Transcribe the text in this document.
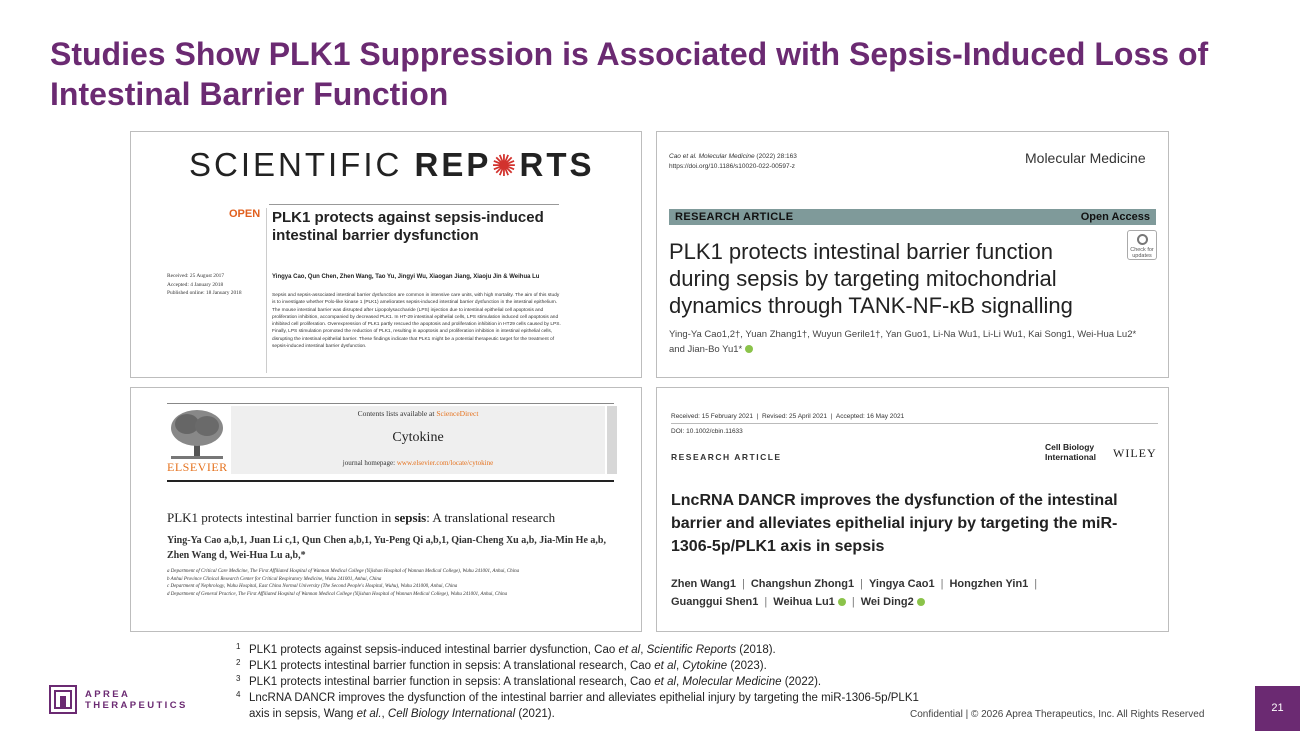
Studies Show PLK1 Suppression is Associated with Sepsis-Induced Loss of Intestinal Barrier Function
SCIENTIFIC REP✺RTS
OPEN PLK1 protects against sepsis-induced intestinal barrier dysfunction
Yingya Cao, Qun Chen, Zhen Wang, Tao Yu, Jingyi Wu, Xiaogan Jiang, Xiaoju Jin & Weihua Lu
Received: 25 August 2017
Accepted: 4 January 2018
Published online: 18 January 2018	Sepsis and sepsis-associated intestinal barrier dysfunction are common in intensive care units, with high mortality. The aim of this study is to investigate whether Polo-like kinase 1 (PLK1) ameliorates sepsis-induced intestinal barrier dysfunction in the intestinal epithelium. The mouse intestinal barrier was disrupted after Lipopolysaccharide (LPS) injection due to intestinal epithelial cell apoptosis and proliferation inhibition, accompanied by decreased PLK1. In HT-29 intestinal epithelial cells, LPS stimulation induced cell apoptosis and inhibited cell proliferation. Overexpression of PLK1 partly rescued the apoptosis and proliferation inhibition in HT29 cells caused by LPS. Finally, LPS stimulation promoted the reduction of PLK1, resulting in apoptosis and proliferation inhibition in intestinal epithelial cells, disrupting the intestinal epithelial barrier. These findings indicate that PLK1 might be a potential therapeutic target for the treatment of sepsis-induced intestinal barrier dysfunction.
Cao et al. Molecular Medicine (2022) 28:163
https://doi.org/10.1186/s10020-022-00597-z
Molecular Medicine
RESEARCH ARTICLE	Open Access
PLK1 protects intestinal barrier function during sepsis by targeting mitochondrial dynamics through TANK-NF-κB signalling
Check for
updates
Ying-Ya Cao1,2†, Yuan Zhang1†, Wuyun Gerile1†, Yan Guo1, Li-Na Wu1, Li-Li Wu1, Kai Song1, Wei-Hua Lu2* and Jian-Bo Yu1*
ELSEVIER
Contents lists available at ScienceDirect
Cytokine
journal homepage: www.elsevier.com/locate/cytokine
PLK1 protects intestinal barrier function in sepsis: A translational research
Ying-Ya Cao a,b,1, Juan Li c,1, Qun Chen a,b,1, Yu-Peng Qi a,b,1, Qian-Cheng Xu a,b, Jia-Min He a,b, Zhen Wang d, Wei-Hua Lu a,b,*
a Department of Critical Care Medicine, The First Affiliated Hospital of Wannan Medical College (Yijishan Hospital of Wannan Medical College), Wuhu 241001, Anhui, China
b Anhui Province Clinical Research Center for Critical Respiratory Medicine, Wuhu 241001, Anhui, China
c Department of Nephrology, Wuhu Hospital, East China Normal University (The Second People's Hospital, Wuhu), Wuhu 241000, Anhui, China
d Department of General Practice, The First Affiliated Hospital of Wannan Medical College (Yijishan Hospital of Wannan Medical College), Wuhu 241001, Anhui, China
Received: 15 February 2021  |  Revised: 25 April 2021  |  Accepted: 16 May 2021
DOI: 10.1002/cbin.11633
RESEARCH ARTICLE
Cell Biology
International WILEY
LncRNA DANCR improves the dysfunction of the intestinal barrier and alleviates epithelial injury by targeting the miR-1306-5p/PLK1 axis in sepsis
Zhen Wang1 | Changshun Zhong1 | Yingya Cao1 | Hongzhen Yin1 |
Guanggui Shen1 | Weihua Lu1 | Wei Ding2
1 PLK1 protects against sepsis-induced intestinal barrier dysfunction, Cao et al, Scientific Reports (2018).
2 PLK1 protects intestinal barrier function in sepsis: A translational research, Cao et al, Cytokine (2023).
3 PLK1 protects intestinal barrier function in sepsis: A translational research, Cao et al, Molecular Medicine (2022).
4 LncRNA DANCR improves the dysfunction of the intestinal barrier and alleviates epithelial injury by targeting the miR-1306-5p/PLK1 axis in sepsis, Wang et al., Cell Biology International (2021).
APREA
THERAPEUTICS
Confidential | © 2026 Aprea Therapeutics, Inc. All Rights Reserved
21
